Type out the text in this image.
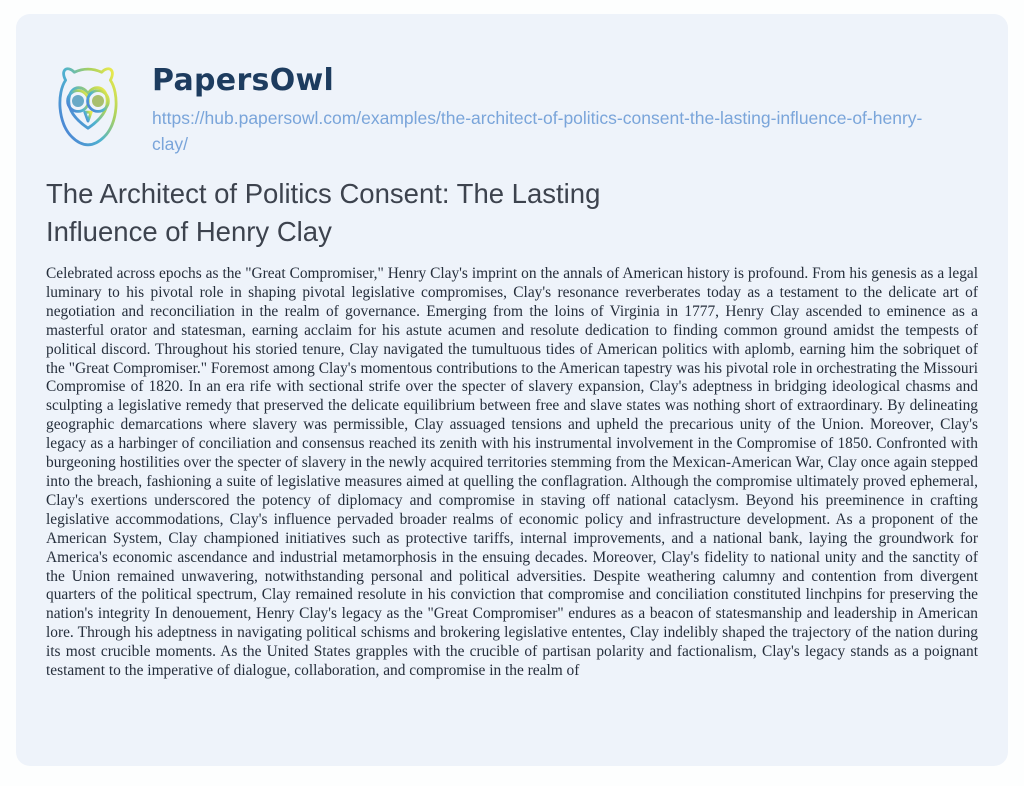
PapersOwl
https://hub.papersowl.com/examples/the-architect-of-politics-consent-the-lasting-influence-of-henry-clay/
The Architect of Politics Consent: The Lasting Influence of Henry Clay

Celebrated across epochs as the "Great Compromiser," Henry Clay's imprint on the annals of American history is profound. From his genesis as a legal luminary to his pivotal role in shaping pivotal legislative compromises, Clay's resonance reverberates today as a testament to the delicate art of negotiation and reconciliation in the realm of governance. Emerging from the loins of Virginia in 1777, Henry Clay ascended to eminence as a masterful orator and statesman, earning acclaim for his astute acumen and resolute dedication to finding common ground amidst the tempests of political discord. Throughout his storied tenure, Clay navigated the tumultuous tides of American politics with aplomb, earning him the sobriquet of the "Great Compromiser." Foremost among Clay's momentous contributions to the American tapestry was his pivotal role in orchestrating the Missouri Compromise of 1820. In an era rife with sectional strife over the specter of slavery expansion, Clay's adeptness in bridging ideological chasms and sculpting a legislative remedy that preserved the delicate equilibrium between free and slave states was nothing short of extraordinary. By delineating geographic demarcations where slavery was permissible, Clay assuaged tensions and upheld the precarious unity of the Union. Moreover, Clay's legacy as a harbinger of conciliation and consensus reached its zenith with his instrumental involvement in the Compromise of 1850. Confronted with burgeoning hostilities over the specter of slavery in the newly acquired territories stemming from the Mexican-American War, Clay once again stepped into the breach, fashioning a suite of legislative measures aimed at quelling the conflagration. Although the compromise ultimately proved ephemeral, Clay's exertions underscored the potency of diplomacy and compromise in staving off national cataclysm. Beyond his preeminence in crafting legislative accommodations, Clay's influence pervaded broader realms of economic policy and infrastructure development. As a proponent of the American System, Clay championed initiatives such as protective tariffs, internal improvements, and a national bank, laying the groundwork for America's economic ascendance and industrial metamorphosis in the ensuing decades. Moreover, Clay's fidelity to national unity and the sanctity of the Union remained unwavering, notwithstanding personal and political adversities. Despite weathering calumny and contention from divergent quarters of the political spectrum, Clay remained resolute in his conviction that compromise and conciliation constituted linchpins for preserving the nation's integrity In denouement, Henry Clay's legacy as the "Great Compromiser" endures as a beacon of statesmanship and leadership in American lore. Through his adeptness in navigating political schisms and brokering legislative ententes, Clay indelibly shaped the trajectory of the nation during its most crucible moments. As the United States grapples with the crucible of partisan polarity and factionalism, Clay's legacy stands as a poignant testament to the imperative of dialogue, collaboration, and compromise in the realm of
